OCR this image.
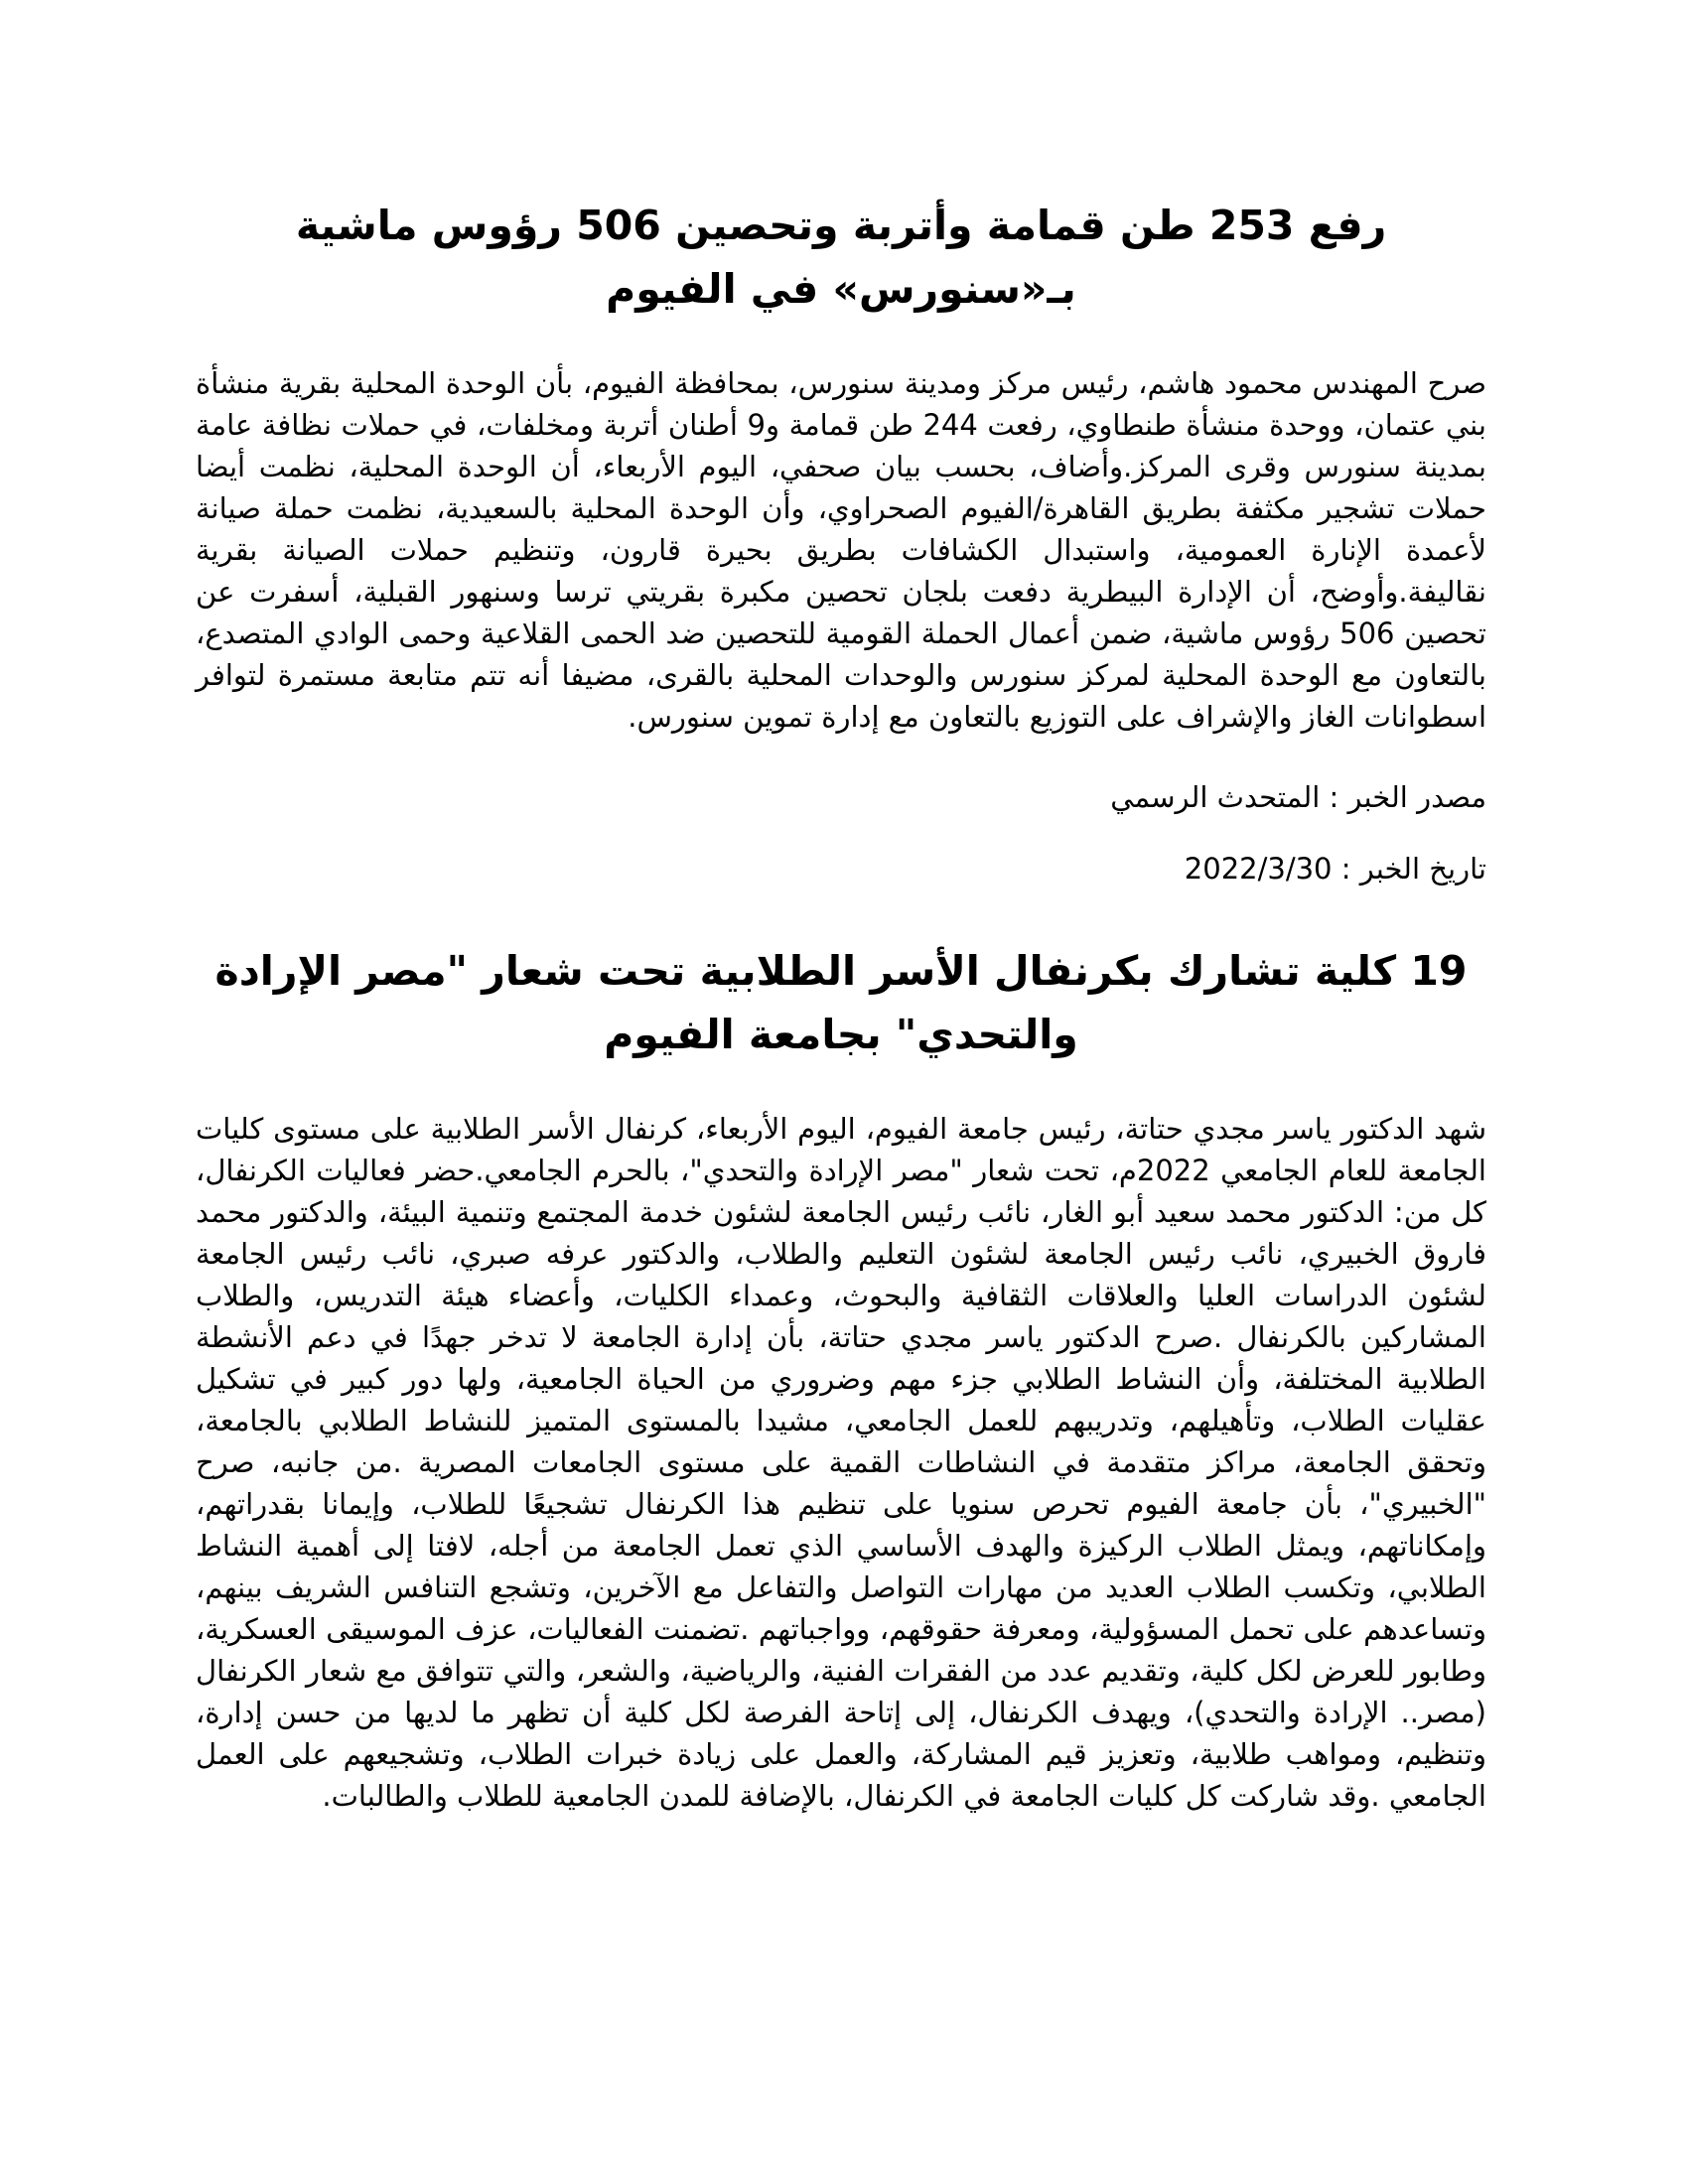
رفع 253 طن قمامة وأتربة وتحصين 506 رؤوس ماشية بـ«سنورس» في الفيوم

صرح المهندس محمود هاشم، رئيس مركز ومدينة سنورس، بمحافظة الفيوم، بأن الوحدة المحلية بقرية منشأة بني عتمان، ووحدة منشأة طنطاوي، رفعت 244 طن قمامة و9 أطنان أتربة ومخلفات، في حملات نظافة عامة بمدينة سنورس وقرى المركز.وأضاف، بحسب بيان صحفي، اليوم الأربعاء، أن الوحدة المحلية، نظمت أيضا حملات تشجير مكثفة بطريق القاهرة/الفيوم الصحراوي، وأن الوحدة المحلية بالسعيدية، نظمت حملة صيانة لأعمدة الإنارة العمومية، واستبدال الكشافات بطريق بحيرة قارون، وتنظيم حملات الصيانة بقرية نقاليفة.وأوضح، أن الإدارة البيطرية دفعت بلجان تحصين مكبرة بقريتي ترسا وسنهور القبلية، أسفرت عن تحصين 506 رؤوس ماشية، ضمن أعمال الحملة القومية للتحصين ضد الحمى القلاعية وحمى الوادي المتصدع، بالتعاون مع الوحدة المحلية لمركز سنورس والوحدات المحلية بالقرى، مضيفا أنه تتم متابعة مستمرة لتوافر اسطوانات الغاز والإشراف على التوزيع بالتعاون مع إدارة تموين سنورس.

مصدر الخبر : المتحدث الرسمي

تاريخ الخبر : 2022/3/30

19 كلية تشارك بكرنفال الأسر الطلابية تحت شعار "مصر الإرادة والتحدي" بجامعة الفيوم

شهد الدكتور ياسر مجدي حتاتة، رئيس جامعة الفيوم، اليوم الأربعاء، كرنفال الأسر الطلابية على مستوى كليات الجامعة للعام الجامعي 2022م، تحت شعار "مصر الإرادة والتحدي"، بالحرم الجامعي.حضر فعاليات الكرنفال، كل من: الدكتور محمد سعيد أبو الغار، نائب رئيس الجامعة لشئون خدمة المجتمع وتنمية البيئة، والدكتور محمد فاروق الخبيري، نائب رئيس الجامعة لشئون التعليم والطلاب، والدكتور عرفه صبري، نائب رئيس الجامعة لشئون الدراسات العليا والعلاقات الثقافية والبحوث، وعمداء الكليات، وأعضاء هيئة التدريس، والطلاب المشاركين بالكرنفال .صرح الدكتور ياسر مجدي حتاتة، بأن إدارة الجامعة لا تدخر جهدًا في دعم الأنشطة الطلابية المختلفة، وأن النشاط الطلابي جزء مهم وضروري من الحياة الجامعية، ولها دور كبير في تشكيل عقليات الطلاب، وتأهيلهم، وتدريبهم للعمل الجامعي، مشيدا بالمستوى المتميز للنشاط الطلابي بالجامعة، وتحقق الجامعة، مراكز متقدمة في النشاطات القمية على مستوى الجامعات المصرية .من جانبه، صرح "الخبيري"، بأن جامعة الفيوم تحرص سنويا على تنظيم هذا الكرنفال تشجيعًا للطلاب، وإيمانا بقدراتهم، وإمكاناتهم، ويمثل الطلاب الركيزة والهدف الأساسي الذي تعمل الجامعة من أجله، لافتا إلى أهمية النشاط الطلابي، وتكسب الطلاب العديد من مهارات التواصل والتفاعل مع الآخرين، وتشجع التنافس الشريف بينهم، وتساعدهم على تحمل المسؤولية، ومعرفة حقوقهم، وواجباتهم .تضمنت الفعاليات، عزف الموسيقى العسكرية، وطابور للعرض لكل كلية، وتقديم عدد من الفقرات الفنية، والرياضية، والشعر، والتي تتوافق مع شعار الكرنفال (مصر.. الإرادة والتحدي)، ويهدف الكرنفال، إلى إتاحة الفرصة لكل كلية أن تظهر ما لديها من حسن إدارة، وتنظيم، ومواهب طلابية، وتعزيز قيم المشاركة، والعمل على زيادة خبرات الطلاب، وتشجيعهم على العمل الجامعي .وقد شاركت كل كليات الجامعة في الكرنفال، بالإضافة للمدن الجامعية للطلاب والطالبات.
